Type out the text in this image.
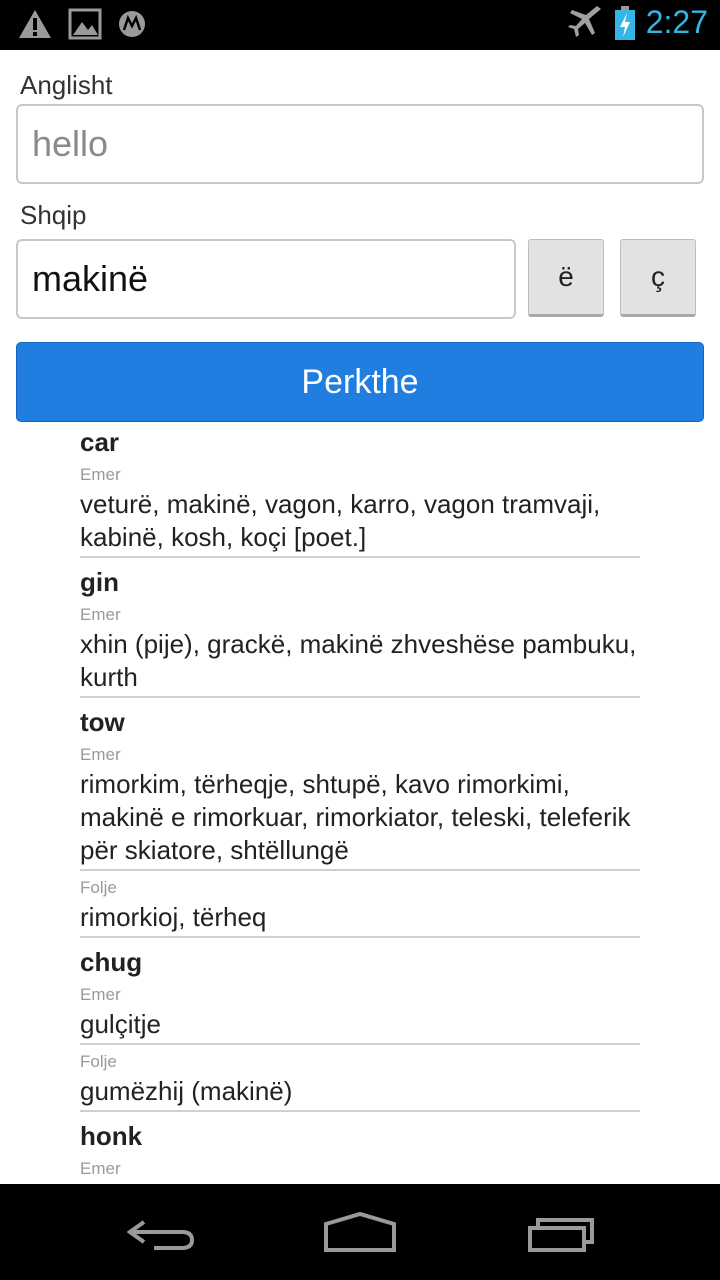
2:27
Anglisht
hello
Shqip
makinë	ë	ç
Perkthe
car
Emer
veturë, makinë, vagon, karro, vagon tramvaji, kabinë, kosh, koçi [poet.]
gin
Emer
xhin (pije), grackë, makinë zhveshëse pambuku, kurth
tow
Emer
rimorkim, tërheqje, shtupë, kavo rimorkimi, makinë e rimorkuar, rimorkiator, teleski, teleferik për skiatore, shtëllungë
Folje
rimorkioj, tërheq
chug
Emer
gulçitje
Folje
gumëzhij (makinë)
honk
Emer
